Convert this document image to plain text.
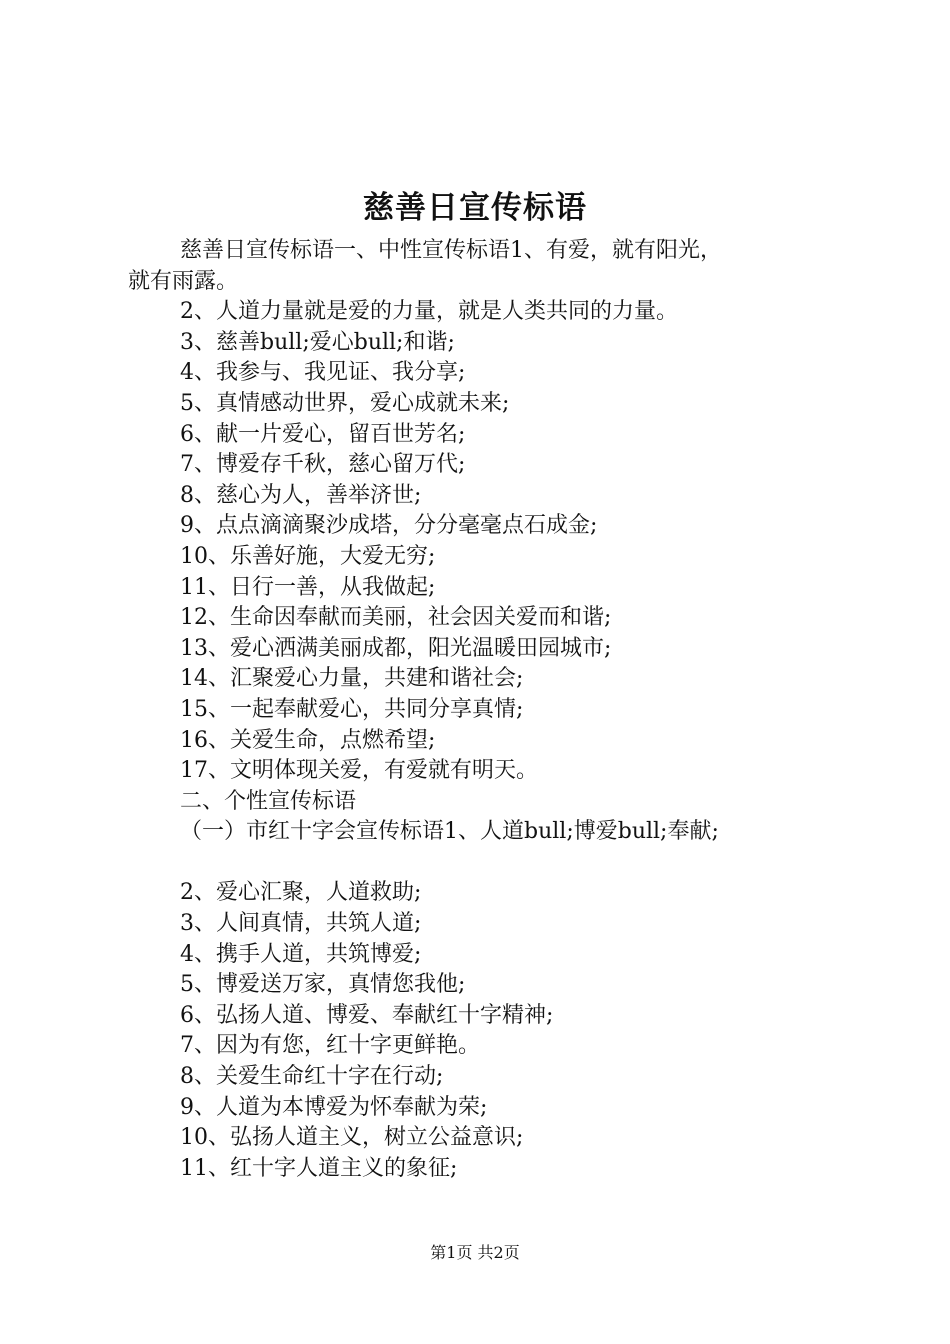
慈善日宣传标语
慈善日宣传标语一、中性宣传标语1、有爱，就有阳光，
就有雨露。
2、人道力量就是爱的力量，就是人类共同的力量。
3、慈善bull;爱心bull;和谐;
4、我参与、我见证、我分享;
5、真情感动世界，爱心成就未来;
6、献一片爱心，留百世芳名;
7、博爱存千秋，慈心留万代;
8、慈心为人，善举济世;
9、点点滴滴聚沙成塔，分分毫毫点石成金;
10、乐善好施，大爱无穷;
11、日行一善，从我做起;
12、生命因奉献而美丽，社会因关爱而和谐;
13、爱心洒满美丽成都，阳光温暖田园城市;
14、汇聚爱心力量，共建和谐社会;
15、一起奉献爱心，共同分享真情;
16、关爱生命，点燃希望;
17、文明体现关爱，有爱就有明天。
二、个性宣传标语
（一）市红十字会宣传标语1、人道bull;博爱bull;奉献;
2、爱心汇聚，人道救助;
3、人间真情，共筑人道;
4、携手人道，共筑博爱;
5、博爱送万家，真情您我他;
6、弘扬人道、博爱、奉献红十字精神;
7、因为有您，红十字更鲜艳。
8、关爱生命红十字在行动;
9、人道为本博爱为怀奉献为荣;
10、弘扬人道主义，树立公益意识;
11、红十字人道主义的象征;
第1页 共2页
